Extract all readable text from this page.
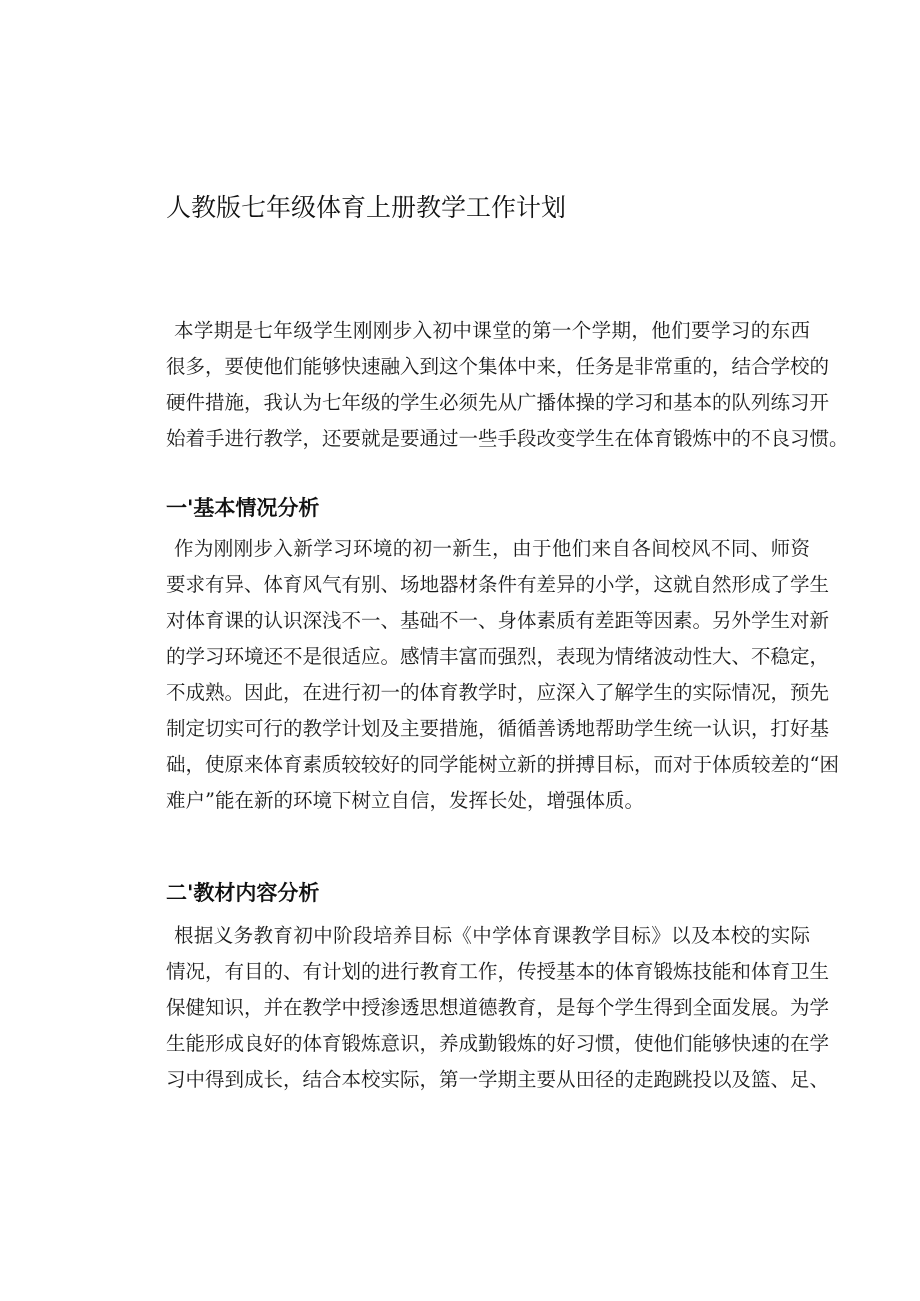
人教版七年级体育上册教学工作计划
本学期是七年级学生刚刚步入初中课堂的第一个学期，他们要学习的东西
很多，要使他们能够快速融入到这个集体中来，任务是非常重的，结合学校的
硬件措施，我认为七年级的学生必须先从广播体操的学习和基本的队列练习开
始着手进行教学，还要就是要通过一些手段改变学生在体育锻炼中的不良习惯。
一'基本情况分析
作为刚刚步入新学习环境的初一新生，由于他们来自各间校风不同、师资
要求有异、体育风气有别、场地器材条件有差异的小学，这就自然形成了学生
对体育课的认识深浅不一、基础不一、身体素质有差距等因素。另外学生对新
的学习环境还不是很适应。感情丰富而强烈，表现为情绪波动性大、不稳定，
不成熟。因此，在进行初一的体育教学时，应深入了解学生的实际情况，预先
制定切实可行的教学计划及主要措施，循循善诱地帮助学生统一认识，打好基
础，使原来体育素质较较好的同学能树立新的拼搏目标，而对于体质较差的“困
难户”能在新的环境下树立自信，发挥长处，增强体质。
二'教材内容分析
根据义务教育初中阶段培养目标《中学体育课教学目标》以及本校的实际
情况，有目的、有计划的进行教育工作，传授基本的体育锻炼技能和体育卫生
保健知识，并在教学中授渗透思想道德教育，是每个学生得到全面发展。为学
生能形成良好的体育锻炼意识，养成勤锻炼的好习惯，使他们能够快速的在学
习中得到成长，结合本校实际，第一学期主要从田径的走跑跳投以及篮、足、
